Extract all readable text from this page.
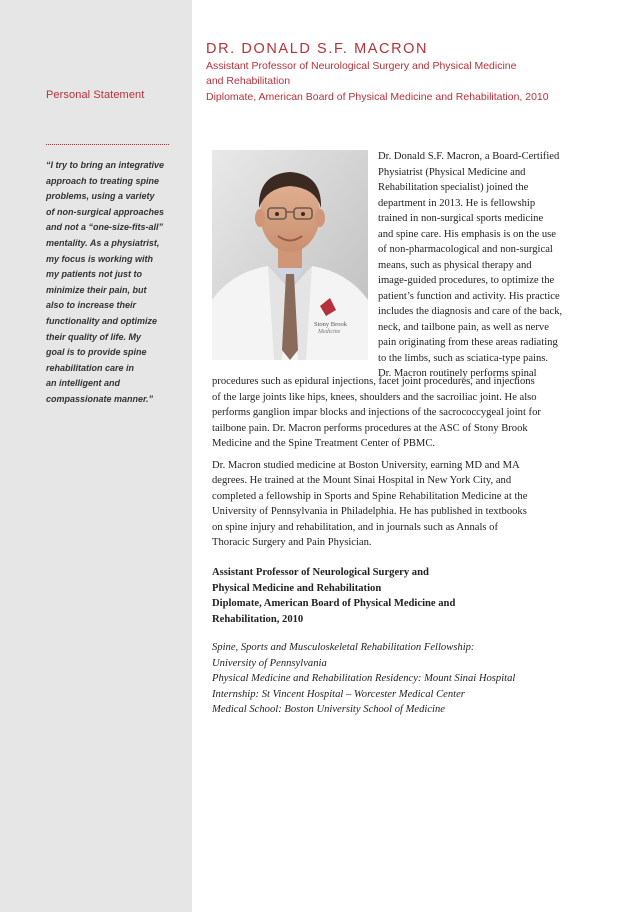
Personal Statement
“I try to bring an integrative
approach to treating spine
problems, using a variety
of non-surgical approaches
and not a “one-size-fits-all”
mentality. As a physiatrist,
my focus is working with
my patients not just to
minimize their pain, but
also to increase their
functionality and optimize
their quality of life. My
goal is to provide spine
rehabilitation care in
an intelligent and
compassionate manner.”
DR. DONALD S.F. MACRON
Assistant Professor of Neurological Surgery and Physical Medicine
and Rehabilitation
Diplomate, American Board of Physical Medicine and Rehabilitation, 2010
Stony Brook
Medicine
Dr. Donald S.F. Macron, a Board-Certified
Physiatrist (Physical Medicine and
Rehabilitation specialist) joined the
department in 2013. He is fellowship
trained in non-surgical sports medicine
and spine care. His emphasis is on the use
of non-pharmacological and non-surgical
means, such as physical therapy and
image-guided procedures, to optimize the
patient’s function and activity. His practice
includes the diagnosis and care of the back,
neck, and tailbone pain, as well as nerve
pain originating from these areas radiating
to the limbs, such as sciatica-type pains.
Dr. Macron routinely performs spinal
procedures such as epidural injections, facet joint procedures, and injections
of the large joints like hips, knees, shoulders and the sacroiliac joint. He also
performs ganglion impar blocks and injections of the sacrococcygeal joint for
tailbone pain. Dr. Macron performs procedures at the ASC of Stony Brook
Medicine and the Spine Treatment Center of PBMC.
Dr. Macron studied medicine at Boston University, earning MD and MA
degrees. He trained at the Mount Sinai Hospital in New York City, and
completed a fellowship in Sports and Spine Rehabilitation Medicine at the
University of Pennsylvania in Philadelphia. He has published in textbooks
on spine injury and rehabilitation, and in journals such as Annals of
Thoracic Surgery and Pain Physician.
Assistant Professor of Neurological Surgery and
Physical Medicine and Rehabilitation
Diplomate, American Board of Physical Medicine and
Rehabilitation, 2010
Spine, Sports and Musculoskeletal Rehabilitation Fellowship:
University of Pennsylvania
Physical Medicine and Rehabilitation Residency: Mount Sinai Hospital
Internship: St Vincent Hospital – Worcester Medical Center
Medical School: Boston University School of Medicine
